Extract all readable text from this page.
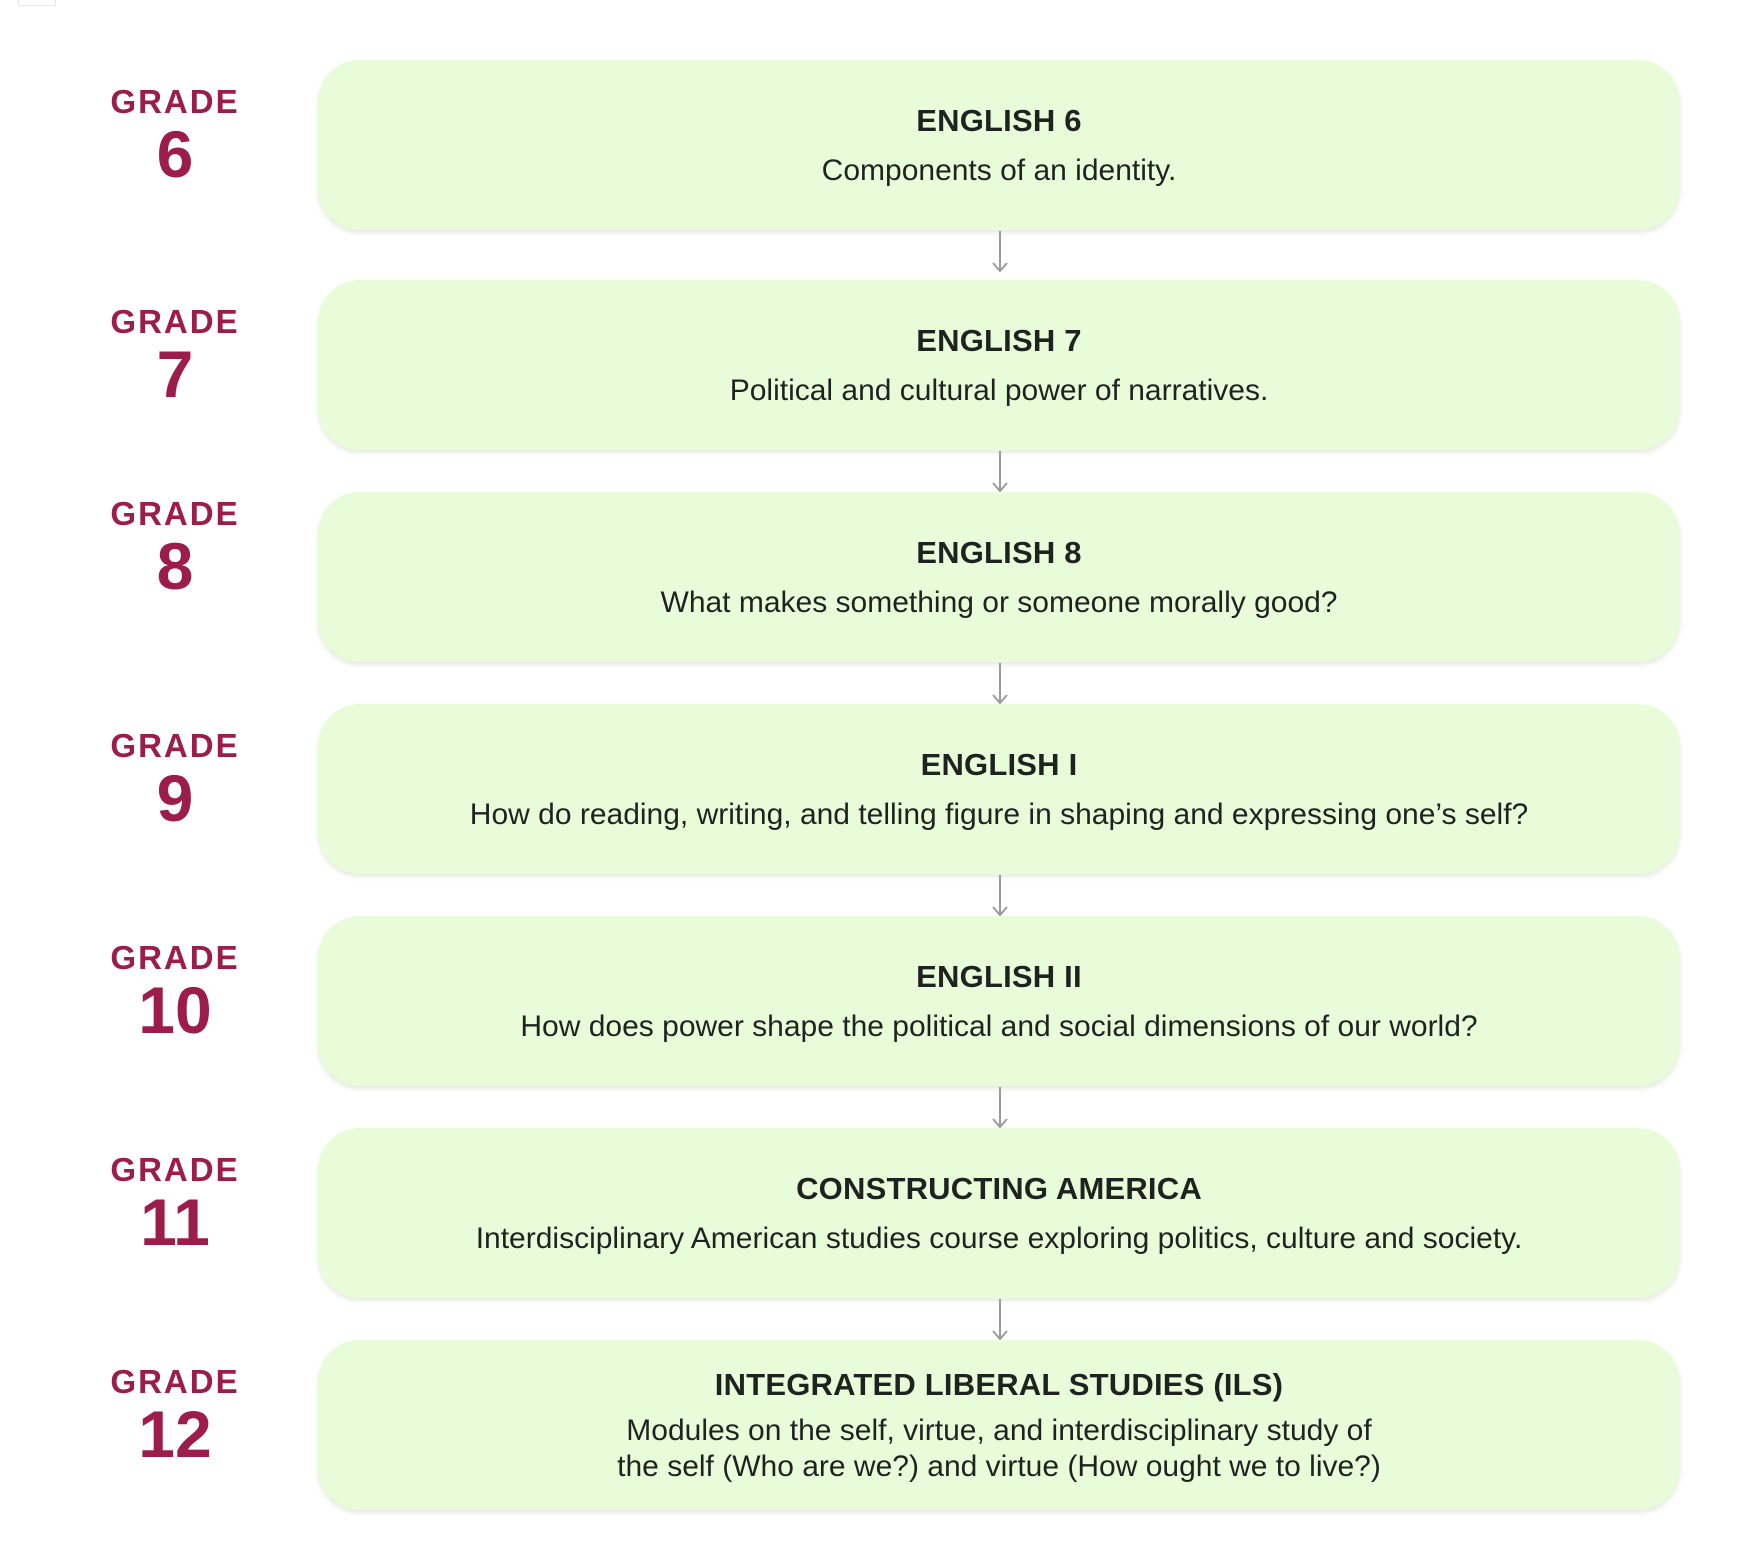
GRADE
6	ENGLISH 6
Components of an identity.
GRADE
7	ENGLISH 7
Political and cultural power of narratives.
GRADE
8	ENGLISH 8
What makes something or someone morally good?
GRADE
9	ENGLISH I
How do reading, writing, and telling figure in shaping and expressing one’s self?
GRADE
10	ENGLISH II
How does power shape the political and social dimensions of our world?
GRADE
11	CONSTRUCTING AMERICA
Interdisciplinary American studies course exploring politics, culture and society.
GRADE
12
INTEGRATED LIBERAL STUDIES (ILS)
Modules on the self, virtue, and interdisciplinary study of
the self (Who are we?) and virtue (How ought we to live?)
